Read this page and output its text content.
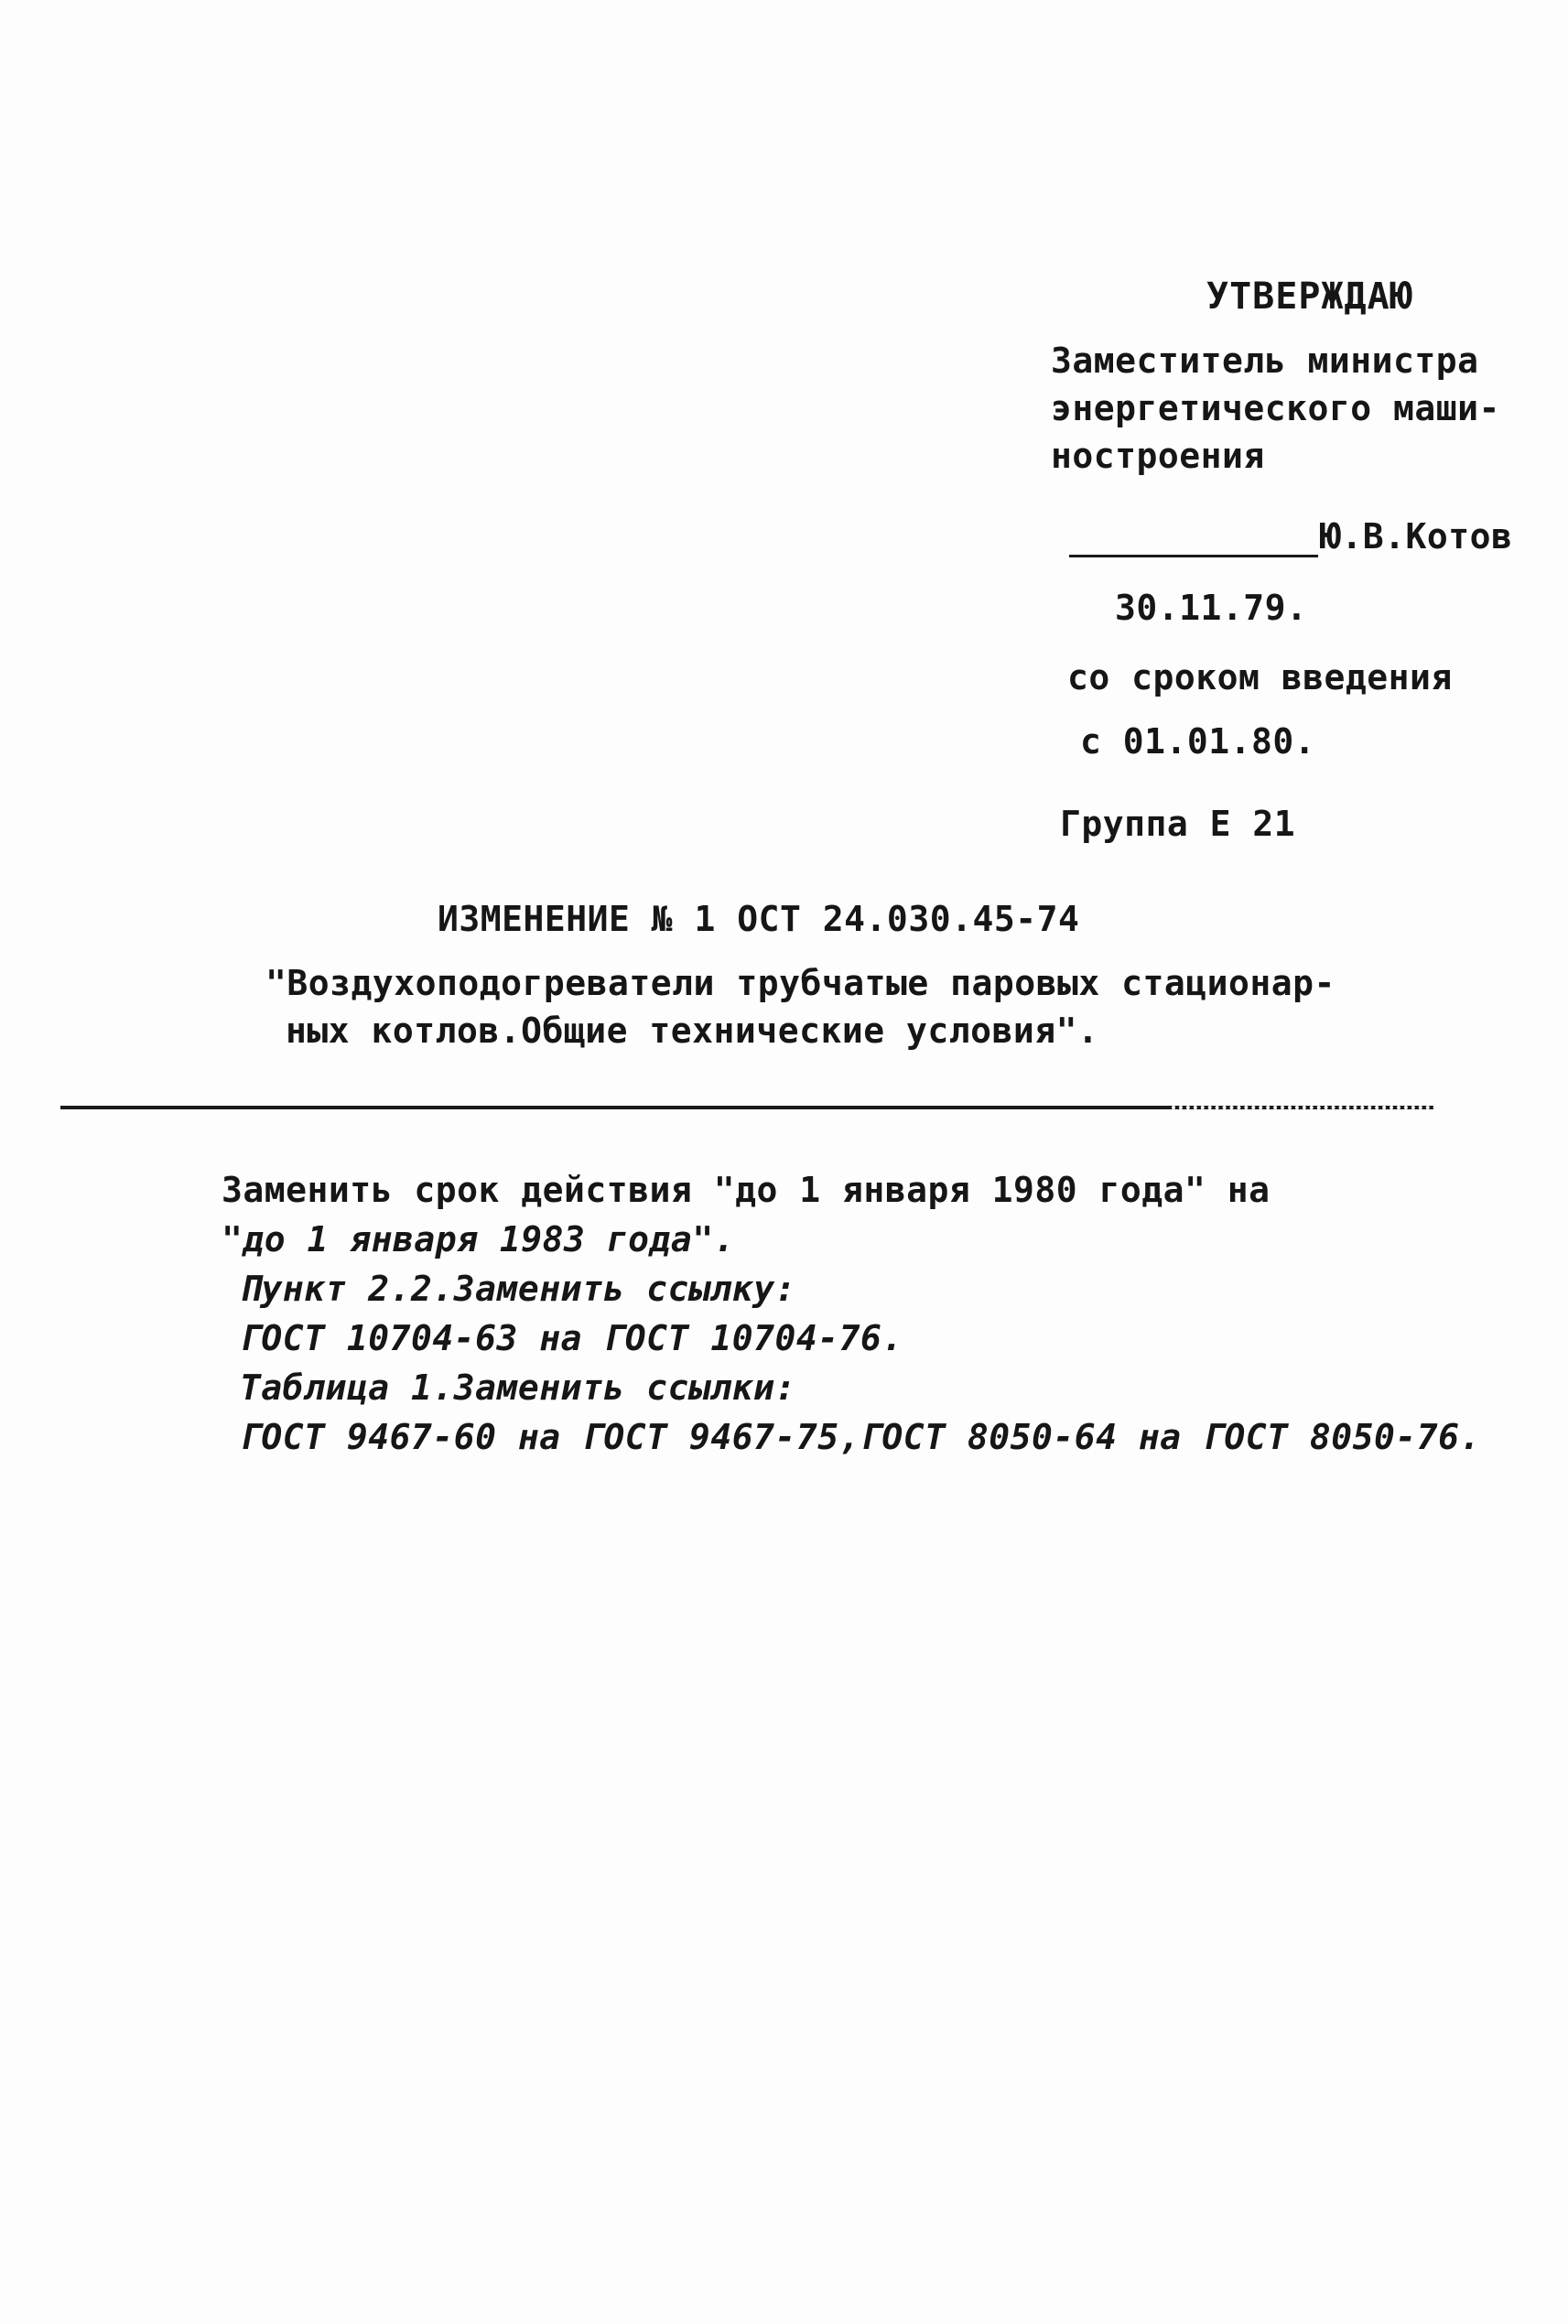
УТВЕРЖДАЮ
Заместитель министра
энергетического маши-
ностроения
Ю.В.Котов
30.11.79.
со сроком введения
с 01.01.80.
Группа Е 21
ИЗМЕНЕНИЕ № 1 ОСТ 24.030.45-74
"Воздухоподогреватели трубчатые паровых стационар-
ных котлов.Общие технические условия".
Заменить срок действия "до 1 января 1980 года" на
"до 1 января 1983 года".
Пункт 2.2.Заменить ссылку:
ГОСТ 10704-63 на ГОСТ 10704-76.
Таблица 1.Заменить ссылки:
ГОСТ 9467-60 на ГОСТ 9467-75,ГОСТ 8050-64 на ГОСТ 8050-76.
